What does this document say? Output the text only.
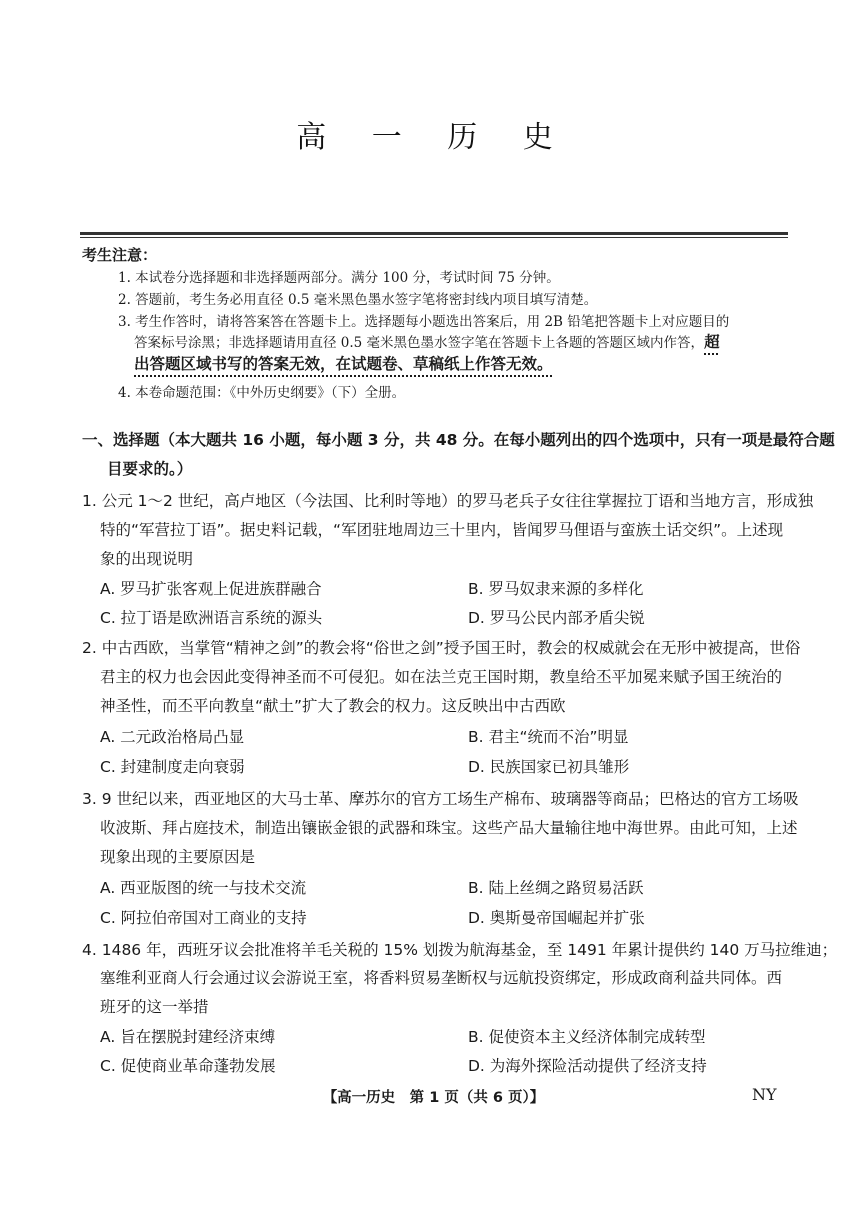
高 一 历 史
考生注意：
1. 本试卷分选择题和非选择题两部分。满分 100 分，考试时间 75 分钟。
2. 答题前，考生务必用直径 0.5 毫米黑色墨水签字笔将密封线内项目填写清楚。
3. 考生作答时，请将答案答在答题卡上。选择题每小题选出答案后，用 2B 铅笔把答题卡上对应题目的
答案标号涂黑；非选择题请用直径 0.5 毫米黑色墨水签字笔在答题卡上各题的答题区域内作答，超
出答题区域书写的答案无效，在试题卷、草稿纸上作答无效。
4. 本卷命题范围：《中外历史纲要》（下）全册。
一、选择题（本大题共 16 小题，每小题 3 分，共 48 分。在每小题列出的四个选项中，只有一项是最符合题
目要求的。）
1. 公元 1～2 世纪，高卢地区（今法国、比利时等地）的罗马老兵子女往往掌握拉丁语和当地方言，形成独
特的“军营拉丁语”。据史料记载，“军团驻地周边三十里内，皆闻罗马俚语与蛮族土话交织”。上述现
象的出现说明
A. 罗马扩张客观上促进族群融合	B. 罗马奴隶来源的多样化
C. 拉丁语是欧洲语言系统的源头	D. 罗马公民内部矛盾尖锐
2. 中古西欧，当掌管“精神之剑”的教会将“俗世之剑”授予国王时，教会的权威就会在无形中被提高，世俗
君主的权力也会因此变得神圣而不可侵犯。如在法兰克王国时期，教皇给丕平加冕来赋予国王统治的
神圣性，而丕平向教皇“献土”扩大了教会的权力。这反映出中古西欧
A. 二元政治格局凸显	B. 君主“统而不治”明显
C. 封建制度走向衰弱	D. 民族国家已初具雏形
3. 9 世纪以来，西亚地区的大马士革、摩苏尔的官方工场生产棉布、玻璃器等商品；巴格达的官方工场吸
收波斯、拜占庭技术，制造出镶嵌金银的武器和珠宝。这些产品大量输往地中海世界。由此可知，上述
现象出现的主要原因是
A. 西亚版图的统一与技术交流	B. 陆上丝绸之路贸易活跃
C. 阿拉伯帝国对工商业的支持	D. 奥斯曼帝国崛起并扩张
4. 1486 年，西班牙议会批准将羊毛关税的 15% 划拨为航海基金，至 1491 年累计提供约 140 万马拉维迪；
塞维利亚商人行会通过议会游说王室，将香料贸易垄断权与远航投资绑定，形成政商利益共同体。西
班牙的这一举措
A. 旨在摆脱封建经济束缚	B. 促使资本主义经济体制完成转型
C. 促使商业革命蓬勃发展	D. 为海外探险活动提供了经济支持
【高一历史　第 1 页（共 6 页）】	NY
